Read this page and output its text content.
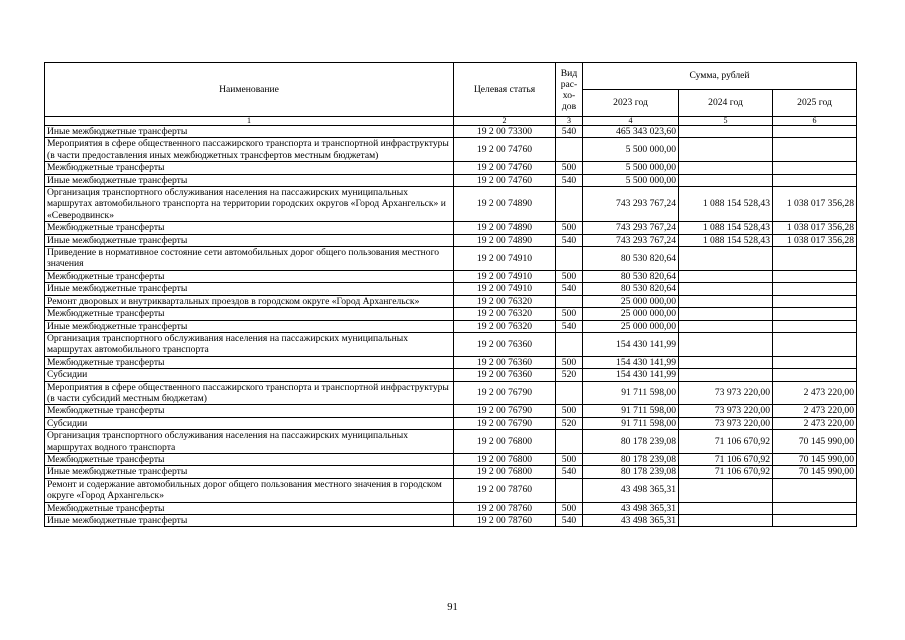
Наименование	Целевая статья	Вид
рас-
хо-
дов	Сумма, рублей		
			2023 год	2024 год	2025 год
1	2	3	4	5	6
Иные межбюджетные трансферты	19 2 00 73300	540	465 343 023,60		
Мероприятия в сфере общественного пассажирского транспорта и транспортной инфраструктуры (в части предоставления иных межбюджетных трансфертов местным бюджетам)	19 2 00 74760		5 500 000,00		
Межбюджетные трансферты	19 2 00 74760	500	5 500 000,00		
Иные межбюджетные трансферты	19 2 00 74760	540	5 500 000,00		
Организация транспортного обслуживания населения на пассажирских муниципальных маршрутах автомобильного транспорта на территории городских округов «Город Архангельск» и «Северодвинск»	19 2 00 74890		743 293 767,24	1 088 154 528,43	1 038 017 356,28
Межбюджетные трансферты	19 2 00 74890	500	743 293 767,24	1 088 154 528,43	1 038 017 356,28
Иные межбюджетные трансферты	19 2 00 74890	540	743 293 767,24	1 088 154 528,43	1 038 017 356,28
Приведение в нормативное состояние сети автомобильных дорог общего пользования местного значения	19 2 00 74910		80 530 820,64		
Межбюджетные трансферты	19 2 00 74910	500	80 530 820,64		
Иные межбюджетные трансферты	19 2 00 74910	540	80 530 820,64		
Ремонт дворовых и внутриквартальных проездов в городском округе «Город Архангельск»	19 2 00 76320		25 000 000,00		
Межбюджетные трансферты	19 2 00 76320	500	25 000 000,00		
Иные межбюджетные трансферты	19 2 00 76320	540	25 000 000,00		
Организация транспортного обслуживания населения на пассажирских муниципальных маршрутах автомобильного транспорта	19 2 00 76360		154 430 141,99		
Межбюджетные трансферты	19 2 00 76360	500	154 430 141,99		
Субсидии	19 2 00 76360	520	154 430 141,99		
Мероприятия в сфере общественного пассажирского транспорта и транспортной инфраструктуры (в части субсидий местным бюджетам)	19 2 00 76790		91 711 598,00	73 973 220,00	2 473 220,00
Межбюджетные трансферты	19 2 00 76790	500	91 711 598,00	73 973 220,00	2 473 220,00
Субсидии	19 2 00 76790	520	91 711 598,00	73 973 220,00	2 473 220,00
Организация транспортного обслуживания населения на пассажирских муниципальных маршрутах водного транспорта	19 2 00 76800		80 178 239,08	71 106 670,92	70 145 990,00
Межбюджетные трансферты	19 2 00 76800	500	80 178 239,08	71 106 670,92	70 145 990,00
Иные межбюджетные трансферты	19 2 00 76800	540	80 178 239,08	71 106 670,92	70 145 990,00
Ремонт и содержание автомобильных дорог общего пользования местного значения в городском округе «Город Архангельск»	19 2 00 78760		43 498 365,31		
Межбюджетные трансферты	19 2 00 78760	500	43 498 365,31		
Иные межбюджетные трансферты	19 2 00 78760	540	43 498 365,31		
91
